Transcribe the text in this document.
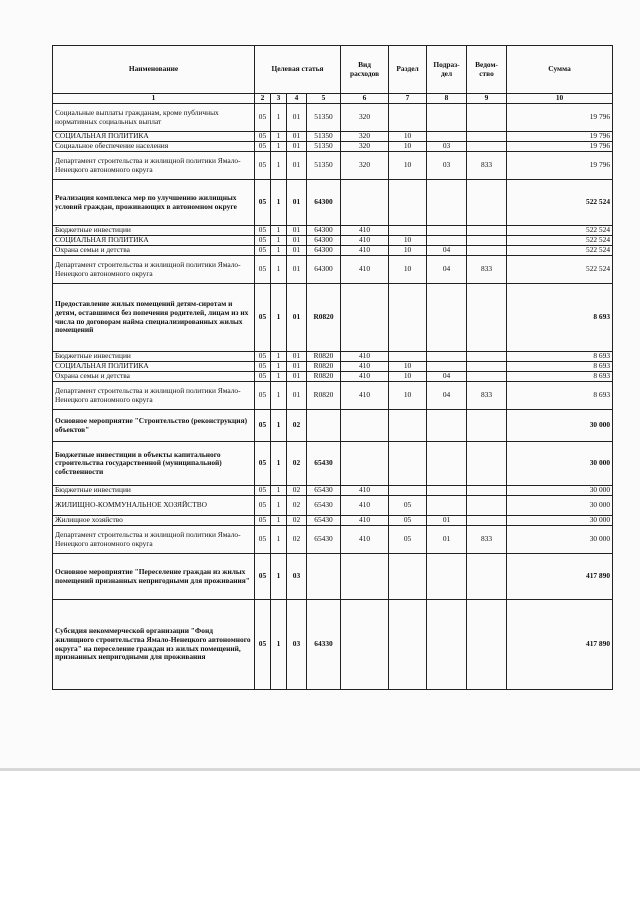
Наименование	Целевая статья				Вид расходов	Раздел	Подраз-дел	Ведом-ство	Сумма
1	2	3	4	5	6	7	8	9	10
Социальные выплаты гражданам, кроме публичных нормативных социальных выплат	05	1	01	51350	320				19 796
СОЦИАЛЬНАЯ ПОЛИТИКА	05	1	01	51350	320	10			19 796
Социальное обеспечение населения	05	1	01	51350	320	10	03		19 796
Департамент строительства и жилищной политики Ямало-Ненецкого автономного округа	05	1	01	51350	320	10	03	833	19 796
Реализация комплекса мер по улучшению жилищных условий граждан, проживающих в автономном округе	05	1	01	64300					522 524
Бюджетные инвестиции	05	1	01	64300	410				522 524
СОЦИАЛЬНАЯ ПОЛИТИКА	05	1	01	64300	410	10			522 524
Охрана семьи и детства	05	1	01	64300	410	10	04		522 524
Департамент строительства и жилищной политики Ямало-Ненецкого автономного округа	05	1	01	64300	410	10	04	833	522 524
Предоставление жилых помещений детям-сиротам и детям, оставшимся без попечения родителей, лицам из их числа по договорам найма специализированных жилых помещений	05	1	01	R0820					8 693
Бюджетные инвестиции	05	1	01	R0820	410				8 693
СОЦИАЛЬНАЯ ПОЛИТИКА	05	1	01	R0820	410	10			8 693
Охрана семьи и детства	05	1	01	R0820	410	10	04		8 693
Департамент строительства и жилищной политики Ямало-Ненецкого автономного округа	05	1	01	R0820	410	10	04	833	8 693
Основное мероприятие "Строительство (реконструкция) объектов"	05	1	02						30 000
Бюджетные инвестиции в объекты капитального строительства государственной (муниципальной) собственности	05	1	02	65430					30 000
Бюджетные инвестиции	05	1	02	65430	410				30 000
ЖИЛИЩНО-КОММУНАЛЬНОЕ ХОЗЯЙСТВО	05	1	02	65430	410	05			30 000
Жилищное хозяйство	05	1	02	65430	410	05	01		30 000
Департамент строительства и жилищной политики Ямало-Ненецкого автономного округа	05	1	02	65430	410	05	01	833	30 000
Основное мероприятие "Переселение граждан из жилых помещений признанных непригодными для проживания"	05	1	03						417 890
Субсидия некоммерческой организации "Фонд жилищного строительства Ямало-Ненецкого автономного округа" на переселение граждан из жилых помещений, признанных непригодными для проживания	05	1	03	64330					417 890
